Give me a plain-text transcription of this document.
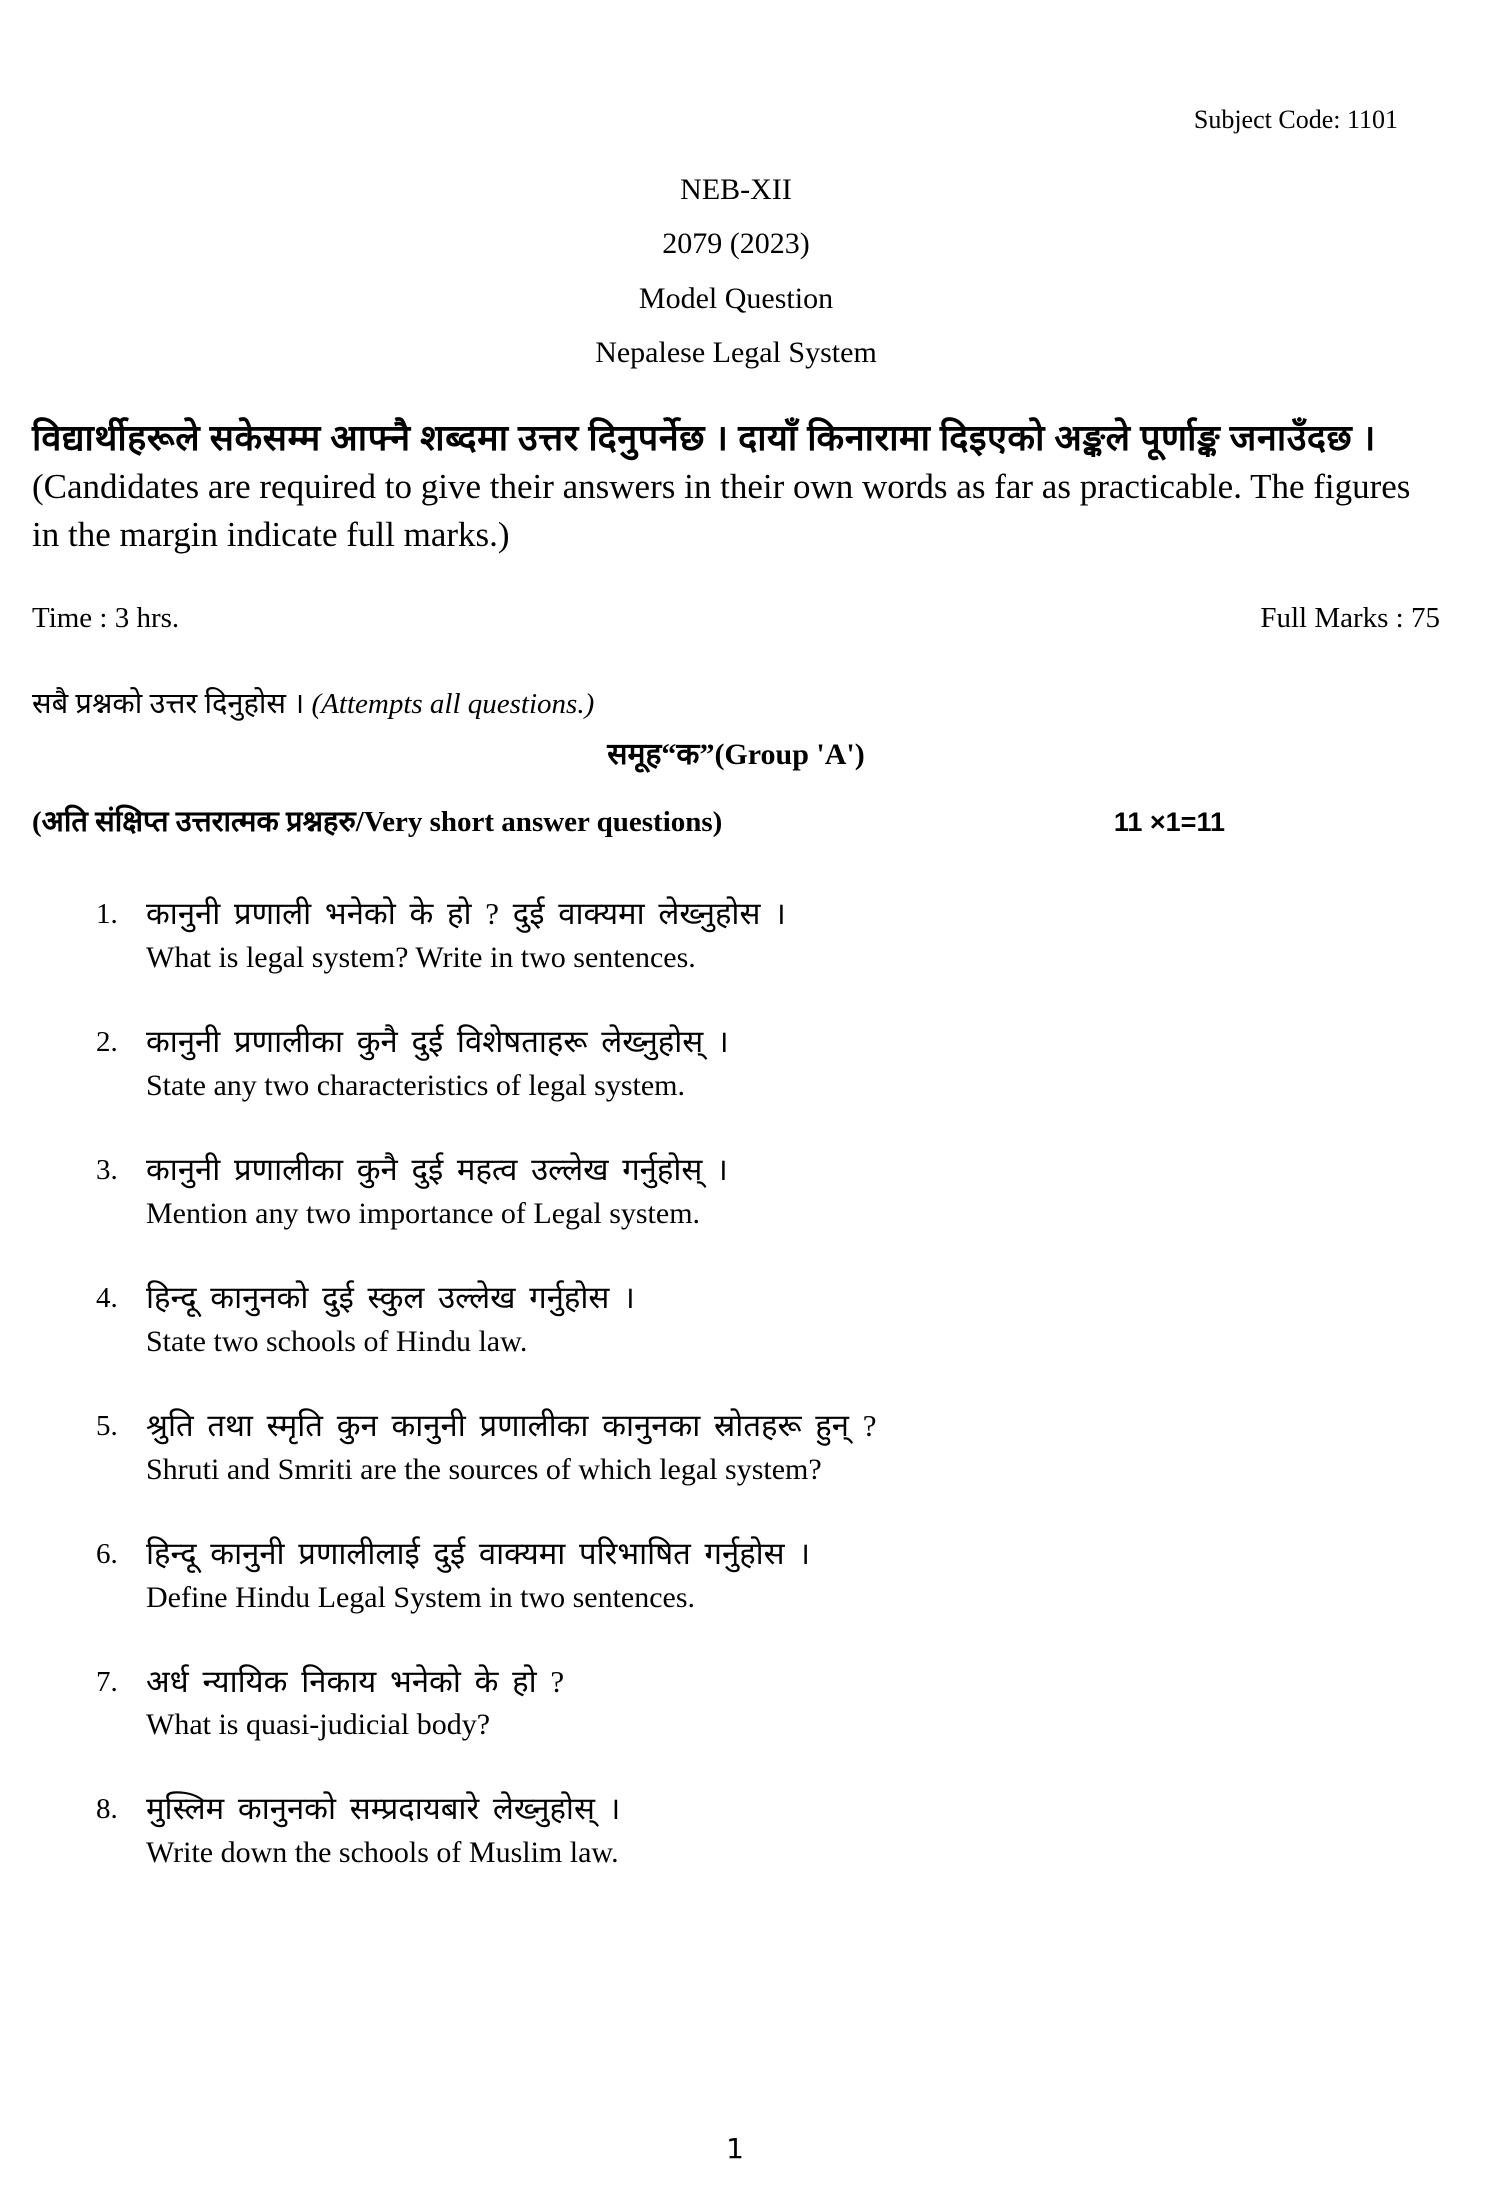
Subject Code: 1101
NEB-XII
2079 (2023)
Model Question
Nepalese Legal System
विद्यार्थीहरूले सकेसम्म आफ्नै शब्दमा उत्तर दिनुपर्नेछ । दायाँ किनारामा दिइएको अङ्कले पूर्णाङ्क जनाउँदछ ।
(Candidates are required to give their answers in their own words as far as practicable. The figures in the margin indicate full marks.)
Time : 3 hrs.	Full Marks : 75
सबै प्रश्नको उत्तर दिनुहोस । (Attempts all questions.)
समूह“क”(Group 'A')
(अति संक्षिप्त उत्तरात्मक प्रश्नहरु/Very short answer questions)	11 ×1=11
1. कानुनी प्रणाली भनेको के हो ? दुई वाक्यमा लेख्नुहोस ।
What is legal system? Write in two sentences.
2. कानुनी प्रणालीका कुनै दुई विशेषताहरू लेख्नुहोस् ।
State any two characteristics of legal system.
3. कानुनी प्रणालीका कुनै दुई महत्व उल्लेख गर्नुहोस् ।
Mention any two importance of Legal system.
4. हिन्दू कानुनको दुई स्कुल उल्लेख गर्नुहोस ।
State two schools of Hindu law.
5. श्रुति तथा स्मृति कुन कानुनी प्रणालीका कानुनका स्रोतहरू हुन् ?
Shruti and Smriti are the sources of which legal system?
6. हिन्दू कानुनी प्रणालीलाई दुई वाक्यमा परिभाषित गर्नुहोस ।
Define Hindu Legal System in two sentences.
7. अर्ध न्यायिक निकाय भनेको के हो ?
What is quasi-judicial body?
8. मुस्लिम कानुनको सम्प्रदायबारे लेख्नुहोस् ।
Write down the schools of Muslim law.
1
